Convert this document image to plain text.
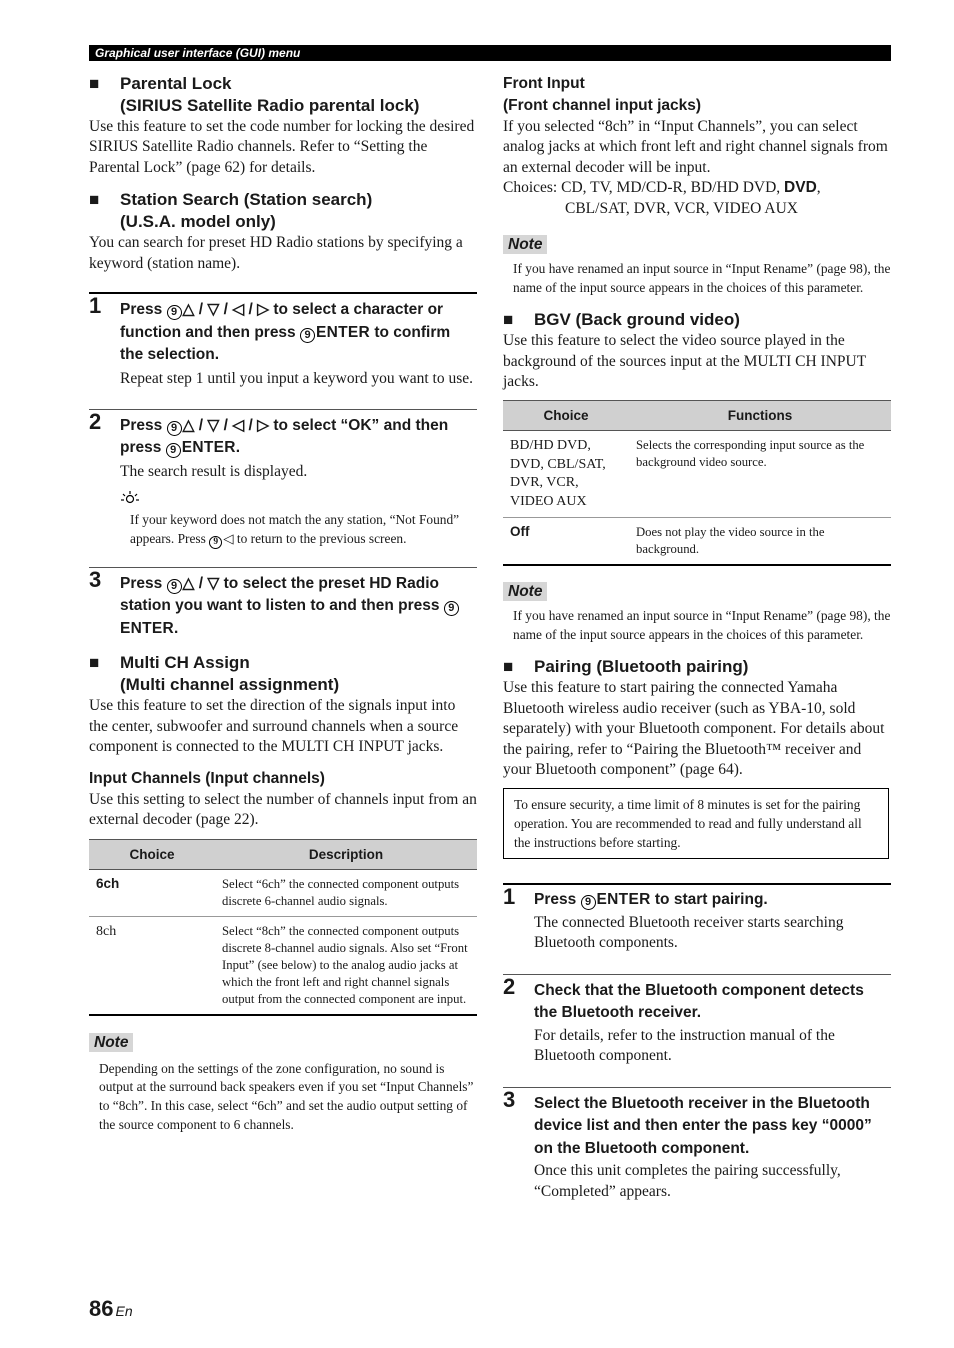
Graphical user interface (GUI) menu
■ Parental Lock
(SIRIUS Satellite Radio parental lock)

Use this feature to set the code number for locking the desired SIRIUS Satellite Radio channels. Refer to “Setting the Parental Lock” (page 62) for details.

■ Station Search (Station search)
(U.S.A. model only)

You can search for preset HD Radio stations by specifying a keyword (station name).

1 Press 9 △ / ▽ / ◁ / ▷ to select a character or function and then press 9 ENTER to confirm the selection.

Repeat step 1 until you input a keyword you want to use.

2 Press 9 △ / ▽ / ◁ / ▷ to select “OK” and then press 9 ENTER.

The search result is displayed.

If your keyword does not match the any station, “Not Found” appears. Press 9 ◁ to return to the previous screen.

3 Press 9 △ / ▽ to select the preset HD Radio station you want to listen to and then press 9ENTER.
■ Multi CH Assign
(Multi channel assignment)

Use this feature to set the direction of the signals input into the center, subwoofer and surround channels when a source component is connected to the MULTI CH INPUT jacks.

Input Channels (Input channels)

Use this setting to select the number of channels input from an external decoder (page 22).

Choice	Description
6ch	Select “6ch” the connected component outputs discrete 6-channel audio signals.
8ch	Select “8ch” the connected component outputs discrete 8-channel audio signals. Also set “Front Input” (see below) to the analog audio jacks at which the front left and right channel signals output from the connected component are input.
Note

Depending on the settings of the zone configuration, no sound is output at the surround back speakers even if you set “Input Channels” to “8ch”. In this case, select “6ch” and set the audio output setting of the source component to 6 channels.

Front Input
(Front channel input jacks)

If you selected “8ch” in “Input Channels”, you can select analog jacks at which front left and right channel signals from an external decoder will be input.

Choices: CD, TV, MD/CD-R, BD/HD DVD, DVD,

CBL/SAT, DVR, VCR, VIDEO AUX

Note

If you have renamed an input source in “Input Rename” (page 98), the name of the input source appears in the choices of this parameter.

■ BGV (Back ground video)

Use this feature to select the video source played in the background of the sources input at the MULTI CH INPUT jacks.

Choice	Functions
BD/HD DVD, DVD, CBL/SAT, DVR, VCR, VIDEO AUX	Selects the corresponding input source as the background video source.
Off	Does not play the video source in the background.
Note

If you have renamed an input source in “Input Rename” (page 98), the name of the input source appears in the choices of this parameter.

■ Pairing (Bluetooth pairing)

Use this feature to start pairing the connected Yamaha Bluetooth wireless audio receiver (such as YBA-10, sold separately) with your Bluetooth component. For details about the pairing, refer to “Pairing the Bluetooth™ receiver and your Bluetooth component” (page 64).

To ensure security, a time limit of 8 minutes is set for the pairing operation. You are recommended to read and fully understand all the instructions before starting.
1 Press 9 ENTER to start pairing.

The connected Bluetooth receiver starts searching Bluetooth components.

2 Check that the Bluetooth component detects the Bluetooth receiver.

For details, refer to the instruction manual of the Bluetooth component.

3 Select the Bluetooth receiver in the Bluetooth device list and then enter the pass key “0000” on the Bluetooth component.

Once this unit completes the pairing successfully, “Completed” appears.

86 En
